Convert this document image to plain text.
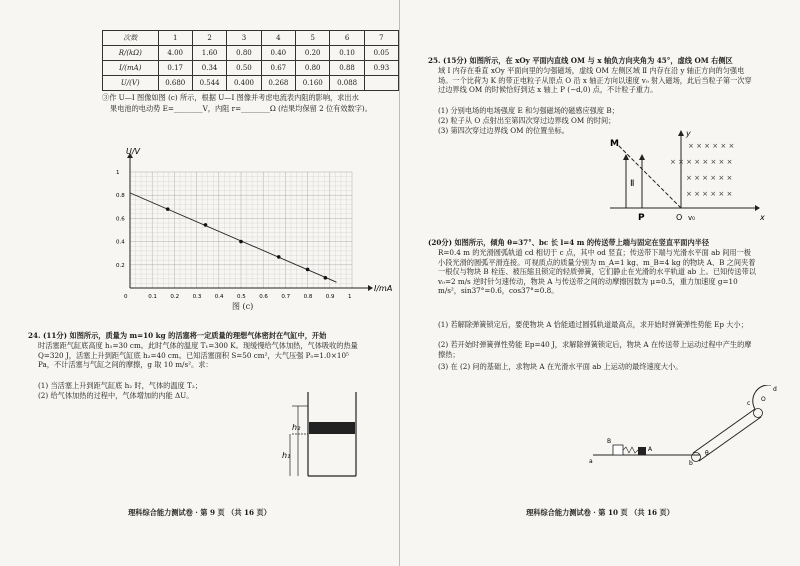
次数	1	2	3	4	5	6	7
R/(kΩ)	4.00	1.60	0.80	0.40	0.20	0.10	0.05
I/(mA)	0.17	0.34	0.50	0.67	0.80	0.88	0.93
U/(V)	0.680	0.544	0.400	0.268	0.160	0.088	
③作 U—I 图像如图 (c) 所示，根据 U—I 图像并考虑电流表内阻的影响，求出水
果电池的电动势 E=________V，内阻 r=________Ω (结果均保留 2 位有效数字)。
0	0.1 0.2 0.3 0.4 0.5 0.6 0.7 0.8 0.9 1
0.2
0.4
0.6
0.8
1
U/V
I/mA
图 (c)
24. (11分) 如图所示，质量为 m=10 kg 的活塞将一定质量的理想气体密封在气缸中，开始
时活塞距气缸底高度 h₁=30 cm。此时气体的温度 T₁=300 K。现缓慢给气体加热，气体吸收的热量 Q=320 J，活塞上升到距气缸底 h₂=40 cm。已知活塞面积 S=50 cm²，大气压强 P₀=1.0×10⁵ Pa，不计活塞与气缸之间的摩擦，g 取 10 m/s²。求：
(1) 当活塞上升到距气缸底 h₂ 时，气体的温度 T₂；
(2) 给气体加热的过程中，气体增加的内能 ΔU。
h₂
h₁
理科综合能力测试卷 · 第 9 页 （共 16 页）
25. (15分) 如图所示，在 xOy 平面内直线 OM 与 x 轴负方向夹角为 45°，虚线 OM 右侧区
域 Ⅰ 内存在垂直 xOy 平面向里的匀强磁场，虚线 OM 左侧区域 Ⅱ 内存在沿 y 轴正方向的匀强电场。一个比荷为 K 的带正电粒子从原点 O 沿 x 轴正方向以速度 v₀ 射入磁场，此后当粒子第一次穿过边界线 OM 的时候恰好到达 x 轴上 P (−d,0) 点，不计粒子重力。
(1) 分别电场的电场强度 E 和匀强磁场的磁感应强度 B；
(2) 粒子从 O 点射出至第四次穿过边界线 OM 的时间；
(3) 第四次穿过边界线 OM 的位置坐标。
× × × × × ×
× × × × × × × ×
× × × × × ×
× × × × × ×
M
Ⅱ
P	O v₀	x
y
(20分) 如图所示，倾角 θ=37°、bc 长 l=4 m 的传送带上端与固定在竖直平面内半径
R=0.4 m 的光滑圆弧轨道 cd 相切于 c 点，其中 od 竖直；传送带下端与光滑水平面 ab 间用一极小段光滑的圆弧平滑连接。可视质点的质量分别为 m_A=1 kg、m_B=4 kg 的物块 A、B 之间夹着一根仅与物块 B 栓连、被压缩且锁定的轻质弹簧，它们静止在光滑的水平轨道 ab 上。已知传送带以 v₀=2 m/s 逆时针匀速传动，物块 A 与传送带之间的动摩擦因数为 μ=0.5，重力加速度 g=10 m/s²，sin37°=0.6，cos37°=0.8。
(1) 若解除弹簧锁定后，要使物块 A 恰能通过圆弧轨道最高点，求开始时弹簧弹性势能 Ep 大小；
(2) 若开始时弹簧弹性势能 Ep=40 J，求解除弹簧锁定后，物块 A 在传送带上运动过程中产生的摩擦热；
(3) 在 (2) 问的基础上，求物块 A 在光滑水平面 ab 上运动的最终速度大小。
B
A
a	b
c
d
O
θ
理科综合能力测试卷 · 第 10 页 （共 16 页）
